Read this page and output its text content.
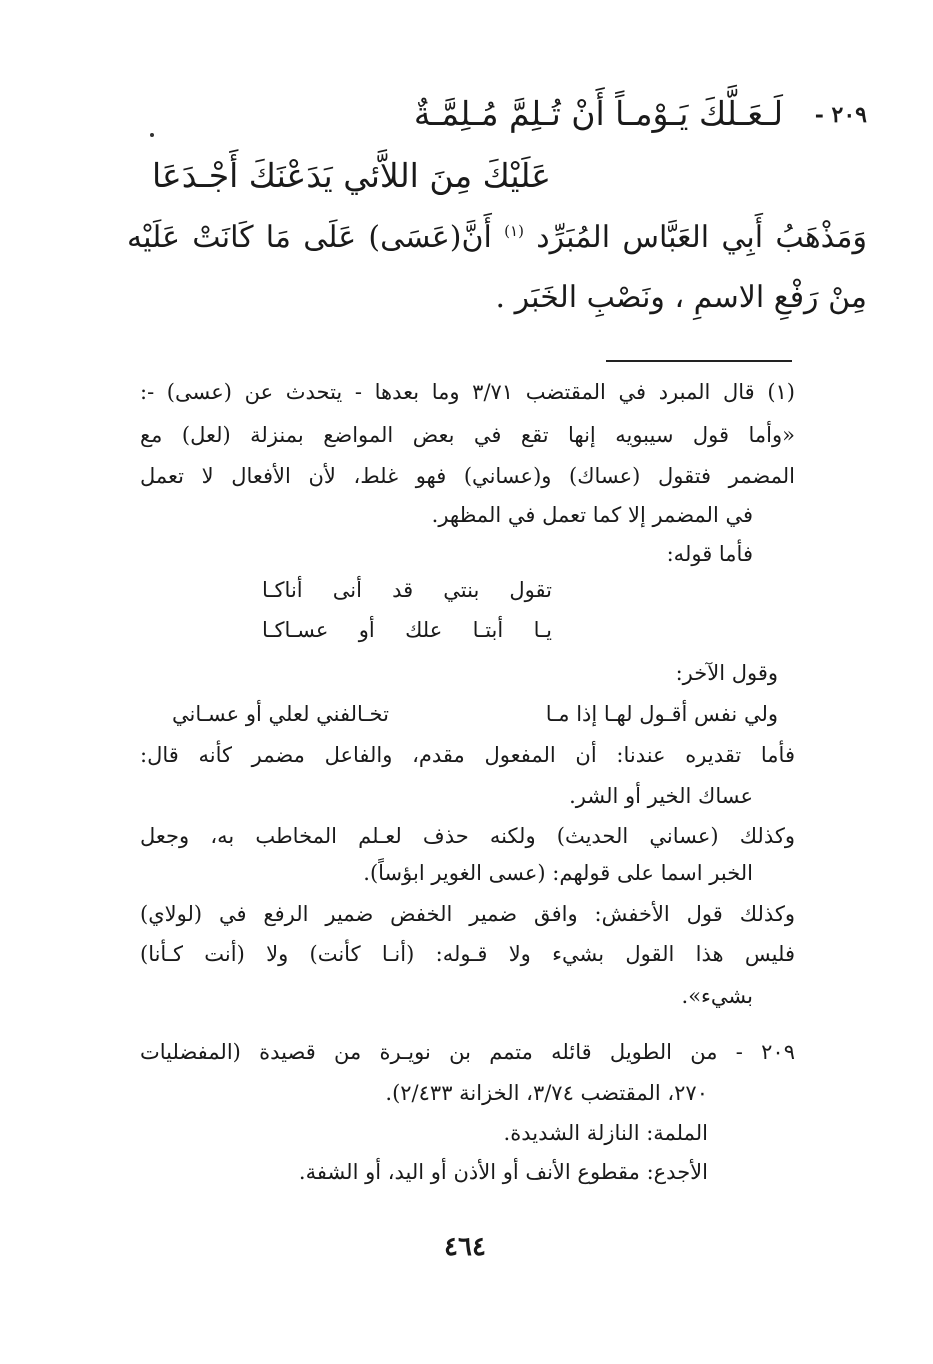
٢٠٩ -
لَـعَـلَّكَ يَـوْمـاً أَنْ تُـلِمَّ مُـلِمَّـةٌ
عَلَيْكَ مِنَ اللاَّئي يَدَعْنَكَ أَجْـدَعَا
وَمَذْهَبُ أَبِي العَبَّاس المُبَرِّد $^{(١)}$ أَنَّ(عَسَى) عَلَى مَا كَانَتْ عَلَيْه
مِنْ رَفْعِ الاسمِ ، ونَصْبِ الخَبَر .
(١) قال المبرد في المقتضب ٣/٧١ وما بعدها - يتحدث عن (عسى) -:
«وأما قول سيبويه إنها تقع في بعض المواضع بمنزلة (لعل) مع
المضمر فتقول (عساك) و(عساني) فهو غلط، لأن الأفعال لا تعمل
في المضمر إلا كما تعمل في المظهر.
فأما قوله:
تقول بنتي قد أنى أناكـا
يـا أبتـا علك أو عسـاكـا
وقول الآخر:
ولي نفس أقـول لهـا إذا مـا
تخـالفني لعلي أو عسـاني
فأما تقديره عندنا: أن المفعول مقدم، والفاعل مضمر كأنه قال:
عساك الخير أو الشر.
وكذلك (عساني الحديث) ولكنه حذف لعـلم المخاطب به، وجعل
الخبر اسما على قولهم: (عسى الغوير ابؤساً).
وكذلك قول الأخفش: وافق ضمير الخفض ضمير الرفع في (لولاي)
فليس هذا القول بشيء ولا قـوله: (أنـا كأنت) ولا (أنت كـأنا)
بشيء».
٢٠٩ - من الطويل قائله متمم بن نويـرة من قصيدة (المفضليات
٢٧٠، المقتضب ٣/٧٤، الخزانة ٢/٤٣٣).
الملمة: النازلة الشديدة.
الأجدع: مقطوع الأنف أو الأذن أو اليد، أو الشفة.
٤٦٤
